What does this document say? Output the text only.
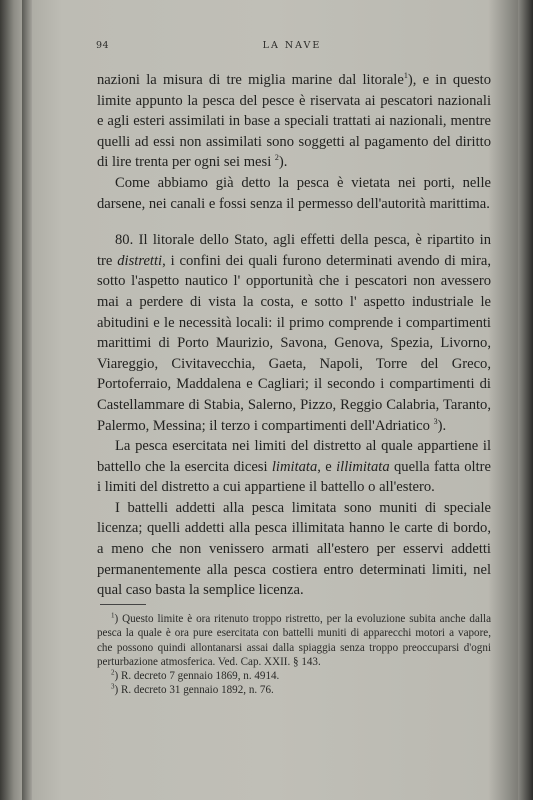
94	LA NAVE

nazioni la misura di tre miglia marine dal litorale$^1$), e in questo limite appunto la pesca del pesce è riservata ai pescatori nazionali e agli esteri assimilati in base a speciali trattati ai nazionali, mentre quelli ad essi non assimilati sono soggetti al pagamento del diritto di lire trenta per ogni sei mesi $^2$).

Come abbiamo già detto la pesca è vietata nei porti, nelle darsene, nei canali e fossi senza il permesso dell'autorità marittima.

80. Il litorale dello Stato, agli effetti della pesca, è ripartito in tre distretti, i confini dei quali furono determinati avendo di mira, sotto l'aspetto nautico l' opportunità che i pescatori non avessero mai a perdere di vista la costa, e sotto l' aspetto industriale le abitudini e le necessità locali: il primo comprende i compartimenti marittimi di Porto Maurizio, Savona, Genova, Spezia, Livorno, Viareggio, Civitavecchia, Gaeta, Napoli, Torre del Greco, Portoferraio, Maddalena e Cagliari; il secondo i compartimenti di Castellammare di Stabia, Salerno, Pizzo, Reggio Calabria, Taranto, Palermo, Messina; il terzo i compartimenti dell'Adriatico $^3$).

La pesca esercitata nei limiti del distretto al quale appartiene il battello che la esercita dicesi limitata, e illimitata quella fatta oltre i limiti del distretto a cui appartiene il battello o all'estero.

I battelli addetti alla pesca limitata sono muniti di speciale licenza; quelli addetti alla pesca illimitata hanno le carte di bordo, a meno che non venissero armati all'estero per esservi addetti permanentemente alla pesca costiera entro determinati limiti, nel qual caso basta la semplice licenza.

$^1$) Questo limite è ora ritenuto troppo ristretto, per la evoluzione subita anche dalla pesca la quale è ora pure esercitata con battelli muniti di apparecchi motori a vapore, che possono quindi allontanarsi assai dalla spiaggia senza troppo preoccuparsi d'ogni perturbazione atmosferica. Ved. Cap. XXII. § 143.

$^2$) R. decreto 7 gennaio 1869, n. 4914.

$^3$) R. decreto 31 gennaio 1892, n. 76.
